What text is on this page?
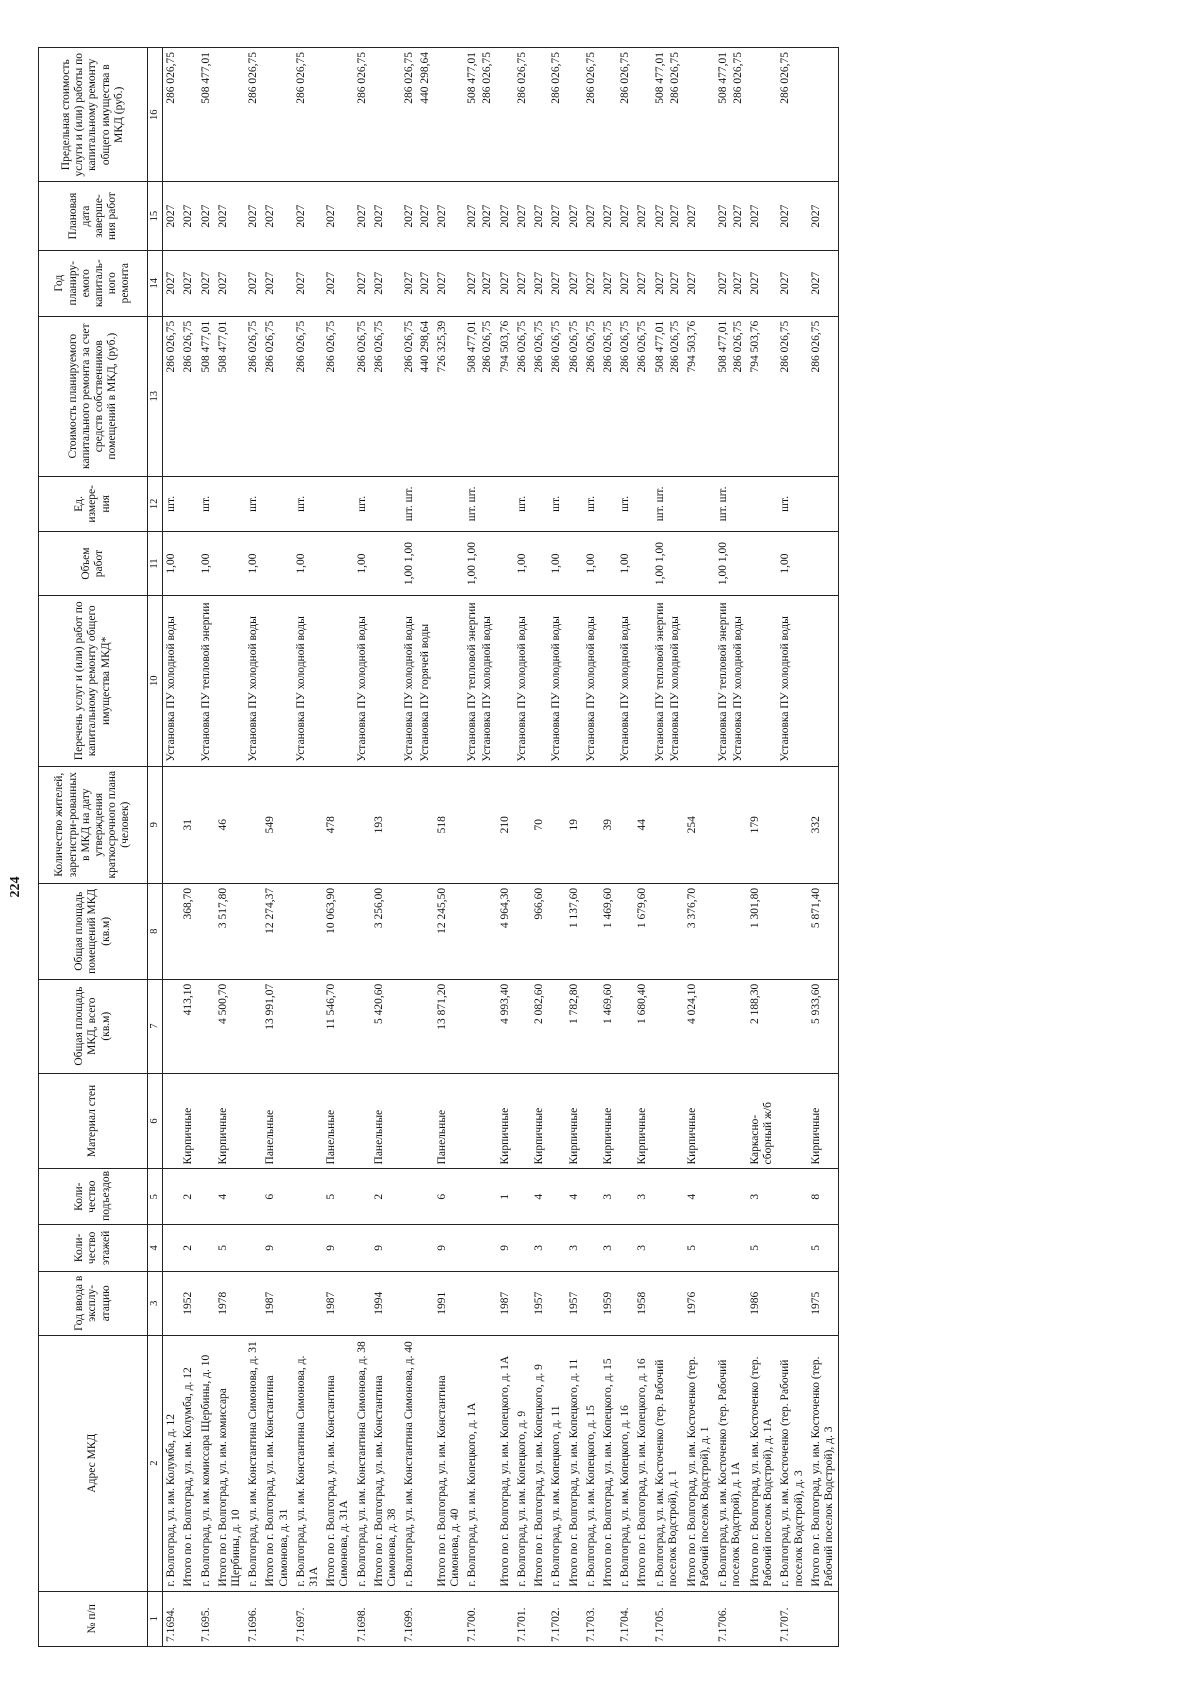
224
№ п/п	Адрес МКД	Год ввода в эксплу-атацию	Коли-чество этажей	Коли-чество подъездов	Материал стен	Общая площадь МКД, всего (кв.м)	Общая площадь помещений МКД (кв.м)	Количество жителей, зарегистри-рованных в МКД на дату утверждения краткосрочного плана (человек)	Перечень услуг и (или) работ по капитальному ремонту общего имущества МКД*	Объем работ	Ед. измере-ния	Стоимость планируемого капитального ремонта за счет средств собственников помещений в МКД, (руб.)	Год планиру-емого капиталь-ного ремонта	Плановая дата заверше-ния работ	Предельная стоимость услуги и (или) работы по капитальному ремонту общего имущества в МКД (руб.)
1	2	3	4	5	6	7	8	9	10	11	12	13	14	15	16
7.1694.	г. Волгоград, ул. им. Колумба, д. 12								Установка ПУ холодной воды	1,00	шт.	286 026,75	2027	2027	286 026,75

	Итого по г. Волгоград, ул. им. Колумба, д. 12	1952	2	2	Кирпичные	413,10	368,70	31				286 026,75	2027	2027	

7.1695.	г. Волгоград, ул. им. комиссара Щербины, д. 10								Установка ПУ тепловой энергии	1,00	шт.	508 477,01	2027	2027	508 477,01

	Итого по г. Волгоград, ул. им. комиссара Щербины, д. 10	1978	5	4	Кирпичные	4 500,70	3 517,80	46				508 477,01	2027	2027	

7.1696.	г. Волгоград, ул. им. Константина Симонова, д. 31								Установка ПУ холодной воды	1,00	шт.	286 026,75	2027	2027	286 026,75

	Итого по г. Волгоград, ул. им. Константина Симонова, д. 31	1987	9	6	Панельные	13 991,07	12 274,37	549				286 026,75	2027	2027	

7.1697.	г. Волгоград, ул. им. Константина Симонова, д. 31А								Установка ПУ холодной воды	1,00	шт.	286 026,75	2027	2027	286 026,75

	Итого по г. Волгоград, ул. им. Константина Симонова, д. 31А	1987	9	5	Панельные	11 546,70	10 063,90	478				286 026,75	2027	2027	

7.1698.	г. Волгоград, ул. им. Константина Симонова, д. 38								Установка ПУ холодной воды	1,00	шт.	286 026,75	2027	2027	286 026,75

	Итого по г. Волгоград, ул. им. Константина Симонова, д. 38	1994	9	2	Панельные	5 420,60	3 256,00	193				286 026,75	2027	2027	

7.1699.	г. Волгоград, ул. им. Константина Симонова, д. 40								Установка ПУ холодной воды Установка ПУ горячей воды	1,00 1,00	шт. шт.	286 026,75 440 298,64	2027 2027	2027 2027	286 026,75 440 298,64

	Итого по г. Волгоград, ул. им. Константина Симонова, д. 40	1991	9	6	Панельные	13 871,20	12 245,50	518				726 325,39	2027	2027	

7.1700.	г. Волгоград, ул. им. Копецкого, д. 1А								Установка ПУ тепловой энергии Установка ПУ холодной воды	1,00 1,00	шт. шт.	508 477,01 286 026,75	2027 2027	2027 2027	508 477,01 286 026,75

	Итого по г. Волгоград, ул. им. Копецкого, д. 1А	1987	9	1	Кирпичные	4 993,40	4 964,30	210				794 503,76	2027	2027	

7.1701.	г. Волгоград, ул. им. Копецкого, д. 9								Установка ПУ холодной воды	1,00	шт.	286 026,75	2027	2027	286 026,75

	Итого по г. Волгоград, ул. им. Копецкого, д. 9	1957	3	4	Кирпичные	2 082,60	966,60	70				286 026,75	2027	2027	

7.1702.	г. Волгоград, ул. им. Копецкого, д. 11								Установка ПУ холодной воды	1,00	шт.	286 026,75	2027	2027	286 026,75

	Итого по г. Волгоград, ул. им. Копецкого, д. 11	1957	3	4	Кирпичные	1 782,80	1 137,60	19				286 026,75	2027	2027	

7.1703.	г. Волгоград, ул. им. Копецкого, д. 15								Установка ПУ холодной воды	1,00	шт.	286 026,75	2027	2027	286 026,75

	Итого по г. Волгоград, ул. им. Копецкого, д. 15	1959	3	3	Кирпичные	1 469,60	1 469,60	39				286 026,75	2027	2027	

7.1704.	г. Волгоград, ул. им. Копецкого, д. 16								Установка ПУ холодной воды	1,00	шт.	286 026,75	2027	2027	286 026,75

	Итого по г. Волгоград, ул. им. Копецкого, д. 16	1958	3	3	Кирпичные	1 680,40	1 679,60	44				286 026,75	2027	2027	

7.1705.	г. Волгоград, ул. им. Косточенко (тер. Рабочий поселок Водстрой), д. 1								Установка ПУ тепловой энергии Установка ПУ холодной воды	1,00 1,00	шт. шт.	508 477,01 286 026,75	2027 2027	2027 2027	508 477,01 286 026,75

	Итого по г. Волгоград, ул. им. Косточенко (тер. Рабочий поселок Водстрой), д. 1	1976	5	4	Кирпичные	4 024,10	3 376,70	254				794 503,76	2027	2027	

7.1706.	г. Волгоград, ул. им. Косточенко (тер. Рабочий поселок Водстрой), д. 1А								Установка ПУ тепловой энергии Установка ПУ холодной воды	1,00 1,00	шт. шт.	508 477,01 286 026,75	2027 2027	2027 2027	508 477,01 286 026,75

	Итого по г. Волгоград, ул. им. Косточенко (тер. Рабочий поселок Водстрой), д. 1А	1986	5	3	Каркасно-сборный ж/б	2 188,30	1 301,80	179				794 503,76	2027	2027	

7.1707.	г. Волгоград, ул. им. Косточенко (тер. Рабочий поселок Водстрой), д. 3								Установка ПУ холодной воды	1,00	шт.	286 026,75	2027	2027	286 026,75

	Итого по г. Волгоград, ул. им. Косточенко (тер. Рабочий поселок Водстрой), д. 3	1975	5	8	Кирпичные	5 933,60	5 871,40	332				286 026,75	2027	2027	
